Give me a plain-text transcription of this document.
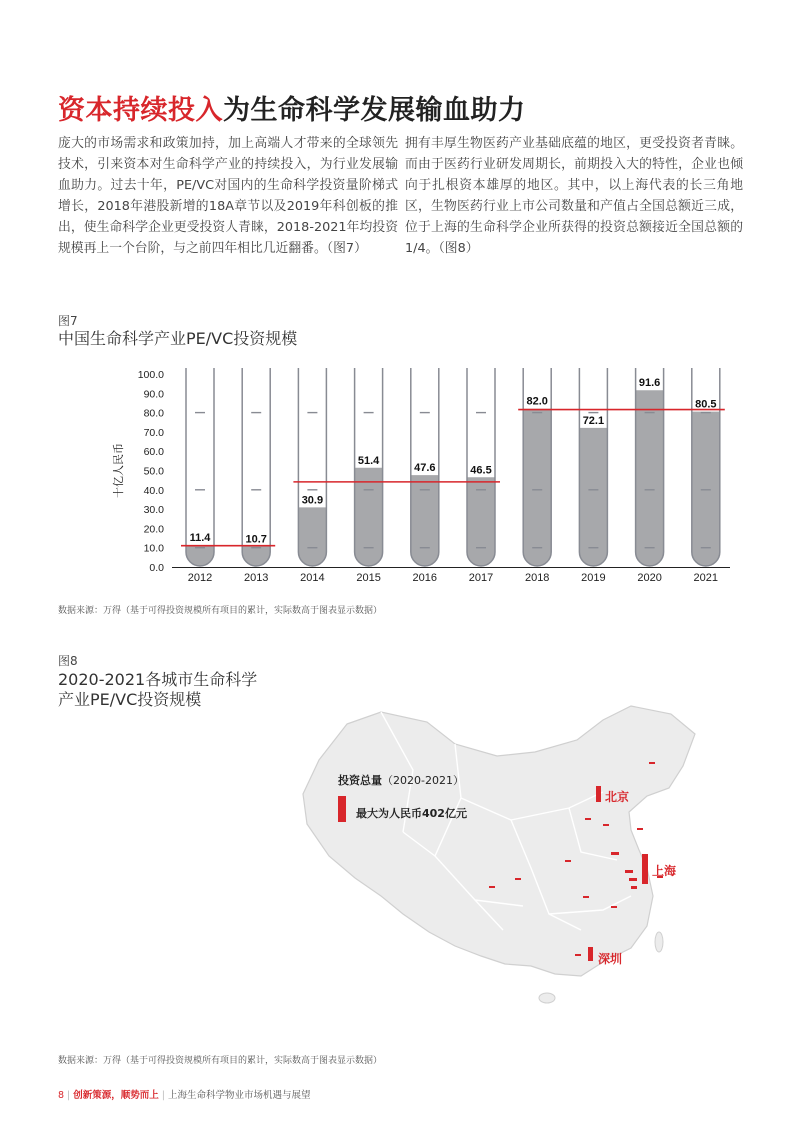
资本持续投入为生命科学发展输血助力

庞大的市场需求和政策加持，加上高端人才带来的全球领先技术，引来资本对生命科学产业的持续投入，为行业发展输血助力。过去十年，PE/VC对国内的生命科学投资量阶梯式增长，2018年港股新增的18A章节以及2019年科创板的推出，使生命科学企业更受投资人青睐，2018-2021年均投资规模再上一个台阶，与之前四年相比几近翻番。（图7）

拥有丰厚生物医药产业基础底蕴的地区，更受投资者青睐。而由于医药行业研发周期长，前期投入大的特性，企业也倾向于扎根资本雄厚的地区。其中，以上海代表的长三角地区，生物医药行业上市公司数量和产值占全国总额近三成，位于上海的生命科学企业所获得的投资总额接近全国总额的1/4。（图8）

图7
中国生命科学产业PE/VC投资规模
0.0
10.0
20.0
30.0
40.0
50.0
60.0
70.0
80.0
90.0
100.0
十亿人民币
11.4
2012
10.7
2013
30.9
2014
51.4
2015
47.6
2016
46.5
2017
82.0
2018
72.1
2019
91.6
2020
80.5
2021
数据来源：万得（基于可得投资规模所有项目的累计，实际数高于图表显示数据）
图8
2020-2021各城市生命科学
产业PE/VC投资规模
投资总量（2020-2021）
最大为人民币402亿元
北京
上海
深圳
数据来源：万得（基于可得投资规模所有项目的累计，实际数高于图表显示数据）
8 | 创新策源，顺势而上 | 上海生命科学物业市场机遇与展望
